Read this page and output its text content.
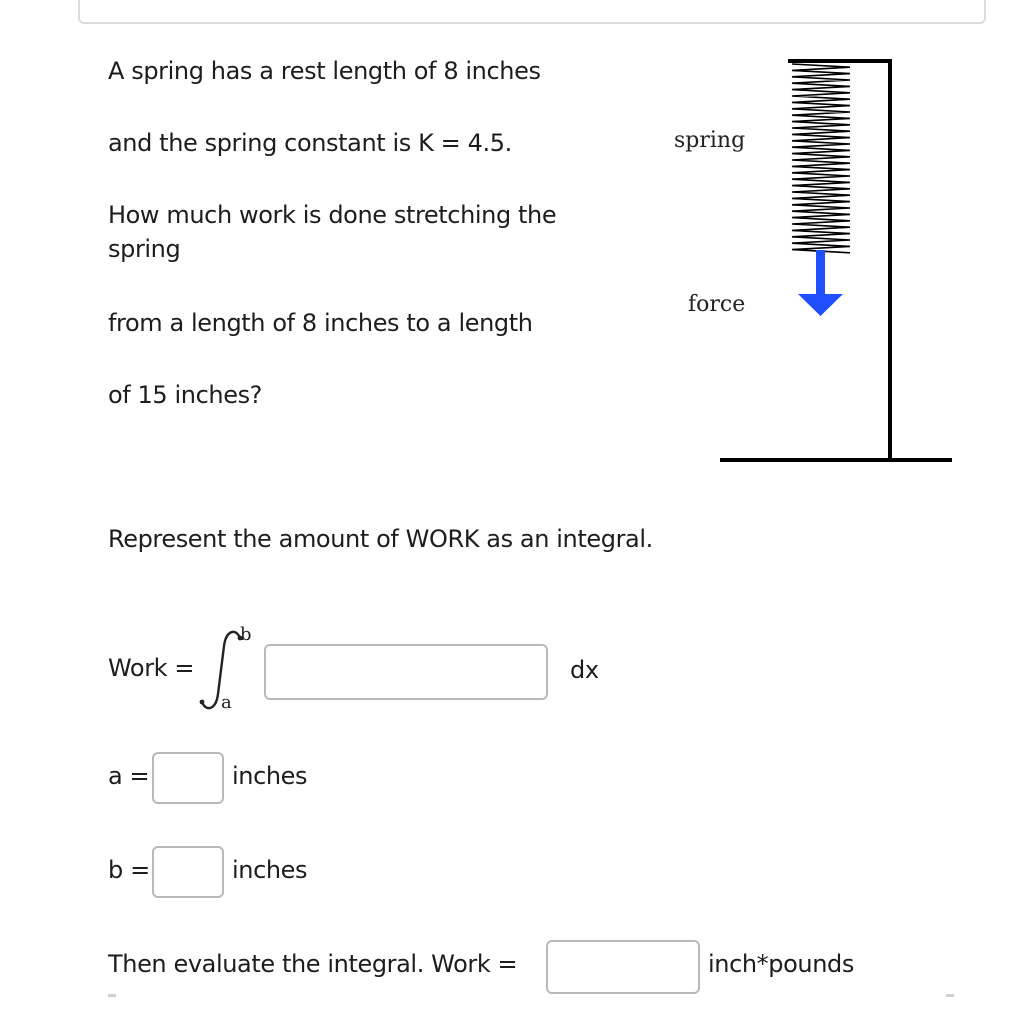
A spring has a rest length of 8 inches

and the spring constant is K = 4.5.

How much work is done stretching the spring

from a length of 8 inches to a length

of 15 inches?

Represent the amount of WORK as an integral.

spring
force
Work =
b
a
dx
a =	inches
b =	inches
Then evaluate the integral. Work =	inch*pounds
